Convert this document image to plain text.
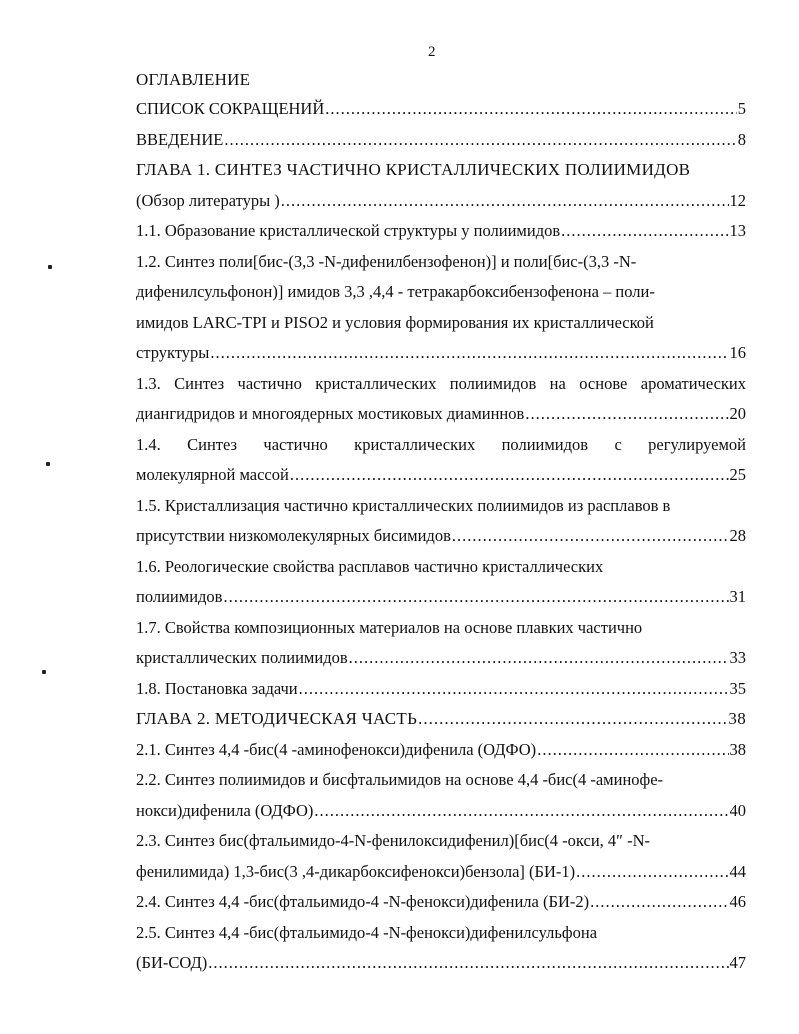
2
ОГЛАВЛЕНИЕ
СПИСОК СОКРАЩЕНИЙ .....	5
ВВЕДЕНИЕ .....	8
ГЛАВА 1. СИНТЕЗ ЧАСТИЧНО КРИСТАЛЛИЧЕСКИХ ПОЛИИМИДОВ
(Обзор литературы ) .....	12
1.1. Образование кристаллической структуры у полиимидов .....	13
1.2. Синтез поли[бис-(3,3 -N-дифенилбензофенон)] и поли[бис-(3,3 -N-
дифенилсульфонон)] имидов 3,3 ,4,4 - тетракарбоксибензофенона – поли-
имидов LARC-TPI и PISO2 и условия формирования их кристаллической
структуры .....	16
1.3. Синтез частично кристаллических полиимидов на основе ароматических
диангидридов и многоядерных мостиковых диаминнов .....	20
1.4. Синтез частично кристаллических полиимидов с регулируемой
молекулярной массой .....	25
1.5. Кристаллизация частично кристаллических полиимидов из расплавов в
присутствии низкомолекулярных бисимидов .....	28
1.6. Реологические свойства расплавов частично кристаллических
полиимидов .....	31
1.7. Свойства композиционных материалов на основе плавких частично
кристаллических полиимидов .....	33
1.8. Постановка задачи .....	35
ГЛАВА 2. МЕТОДИЧЕСКАЯ ЧАСТЬ .....	38
2.1. Синтез 4,4 -бис(4 -аминофенокси)дифенила (ОДФО) .....	38
2.2. Синтез полиимидов и бисфтальимидов на основе 4,4 -бис(4 -аминофе-
нокси)дифенила (ОДФО) .....	40
2.3. Синтез бис(фтальимидо-4-N-фенилоксидифенил)[бис(4 -окси, 4″ -N-
фенилимида) 1,3-бис(3 ,4-дикарбоксифенокси)бензола] (БИ-1) .....	44
2.4. Синтез 4,4 -бис(фтальимидо-4 -N-фенокси)дифенила (БИ-2) .....	46
2.5. Синтез 4,4 -бис(фтальимидо-4 -N-фенокси)дифенилсульфона
(БИ-СОД) .....	47
